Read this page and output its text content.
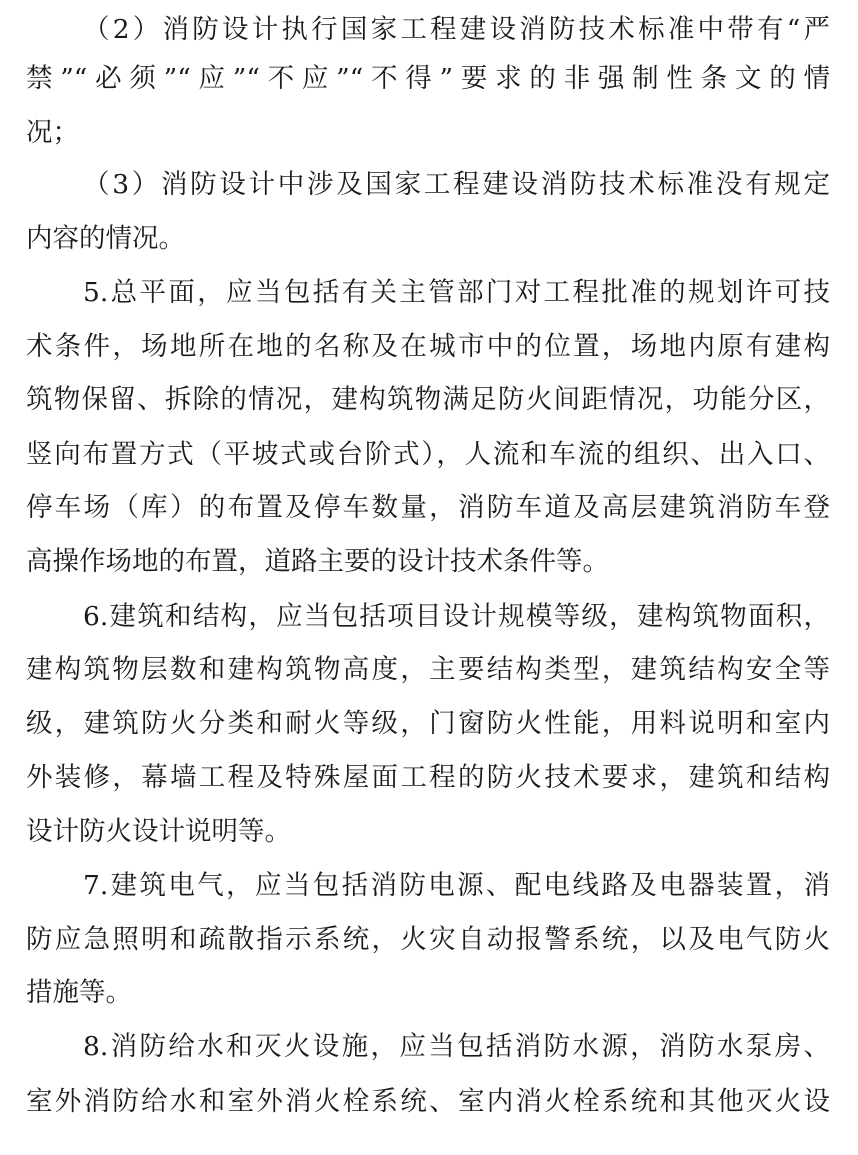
（2）消防设计执行国家工程建设消防技术标准中带有“严
禁”“必须”“应”“不应”“不得”要求的非强制性条文的情
况；
（3）消防设计中涉及国家工程建设消防技术标准没有规定
内容的情况。
5.总平面，应当包括有关主管部门对工程批准的规划许可技
术条件，场地所在地的名称及在城市中的位置，场地内原有建构
筑物保留、拆除的情况，建构筑物满足防火间距情况，功能分区，
竖向布置方式（平坡式或台阶式），人流和车流的组织、出入口、
停车场（库）的布置及停车数量，消防车道及高层建筑消防车登
高操作场地的布置，道路主要的设计技术条件等。
6.建筑和结构，应当包括项目设计规模等级，建构筑物面积，
建构筑物层数和建构筑物高度，主要结构类型，建筑结构安全等
级，建筑防火分类和耐火等级，门窗防火性能，用料说明和室内
外装修，幕墙工程及特殊屋面工程的防火技术要求，建筑和结构
设计防火设计说明等。
7.建筑电气，应当包括消防电源、配电线路及电器装置，消
防应急照明和疏散指示系统，火灾自动报警系统，以及电气防火
措施等。
8.消防给水和灭火设施，应当包括消防水源，消防水泵房、
室外消防给水和室外消火栓系统、室内消火栓系统和其他灭火设
